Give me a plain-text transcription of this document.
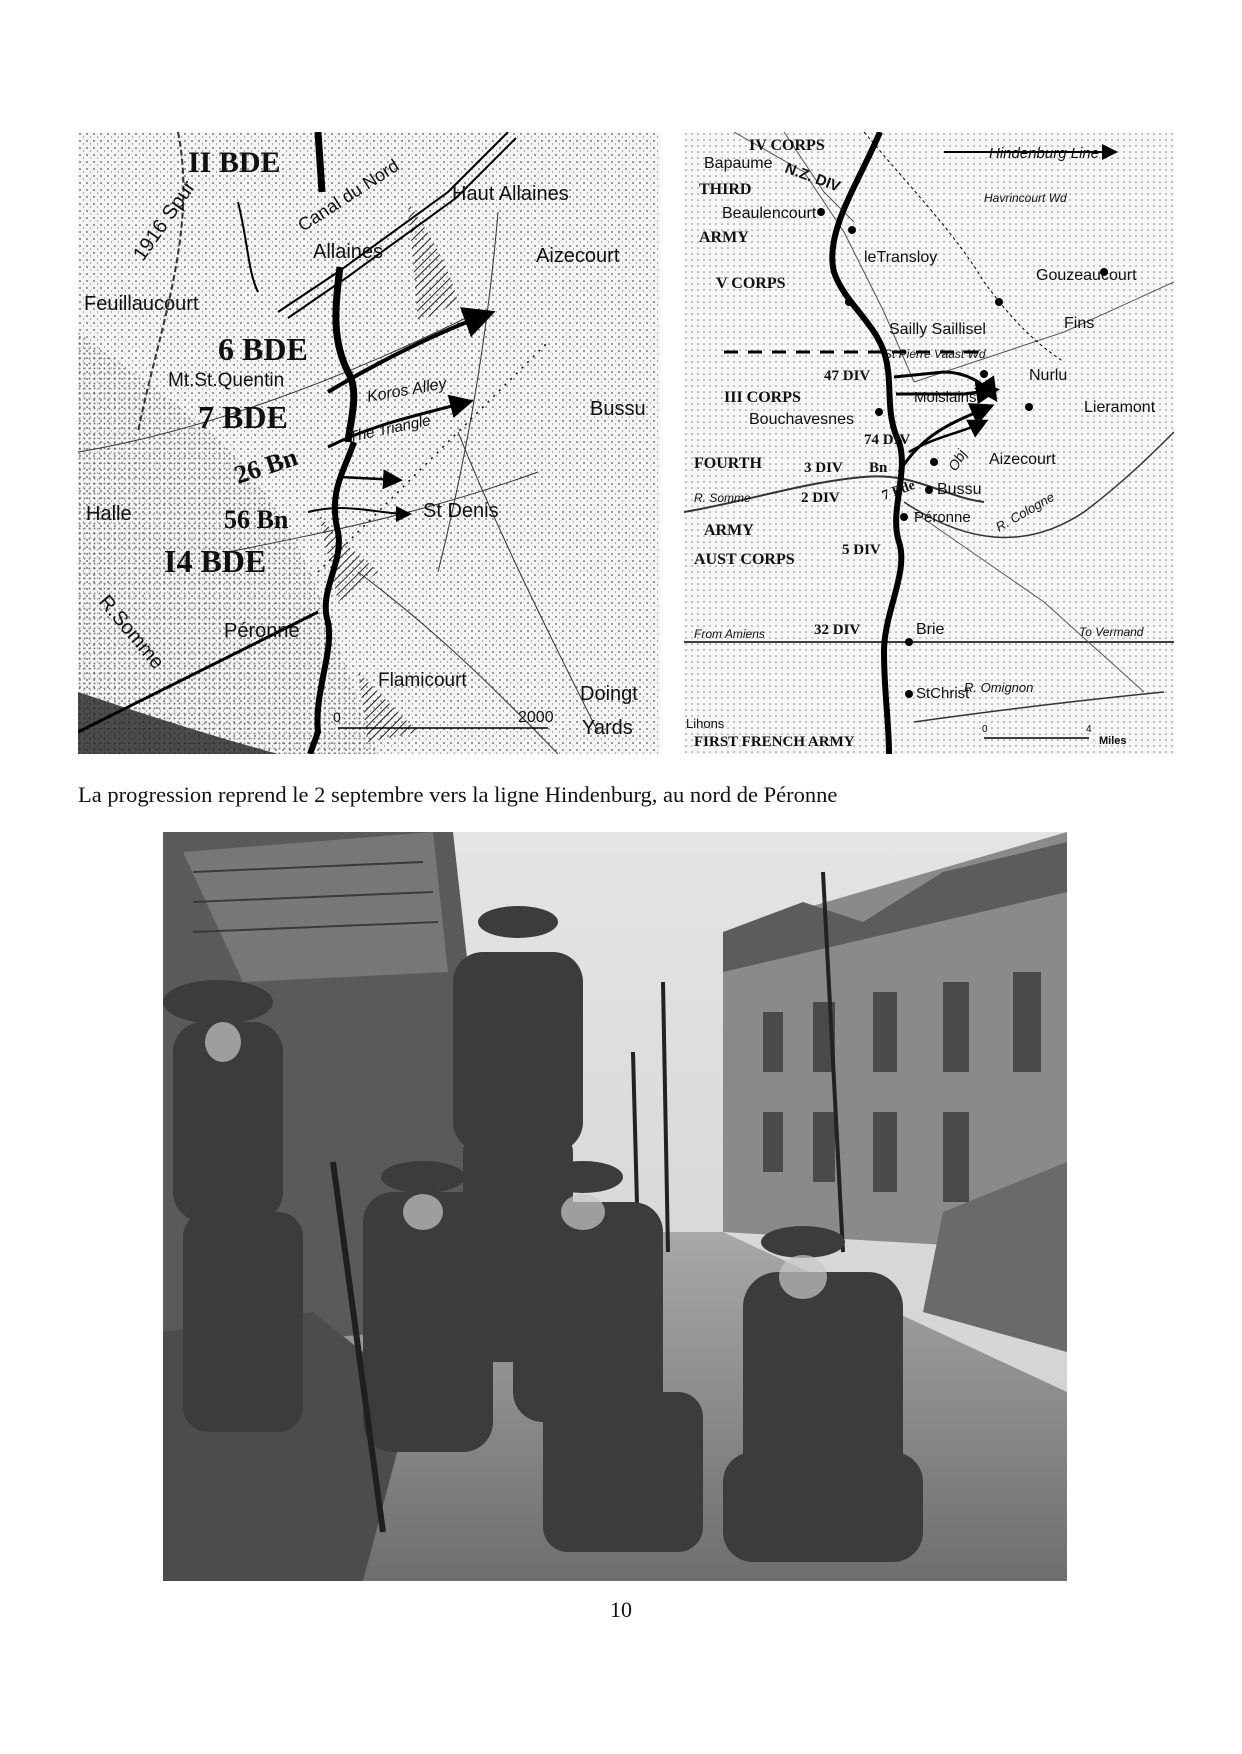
II BDE
1916 Spur	Canal du Nord Haut Allaines
Allaines	Aizecourt
Feuillaucourt
6 BDE
Mt.St.Quentin	Koros Alley
Bussu
7 BDE	The Triangle
26 Bn
St Denis
Halle	56 Bn
I4 BDE
R.Somme	Péronne
Flamicourt
Doingt
0	2000 Yards
IV CORPS
Bapaume N.Z. DIV
THIRD
Beaulencourt
ARMY
V CORPS
leTransloy
Hindenburg Line
Havrincourt Wd
Gouzeaucourt
Sailly Saillisel	Fins
St Pierre Vaast Wd
47 DIV	Nurlu
III CORPS	Moislains
Lieramont
Bouchavesnes
74 DIV
FOURTH	3 DIV Bn	Aizecourt
2 DIV	7 Bde
Obj
Bussu
R. Somme
Péronne R. Cologne
ARMY
AUST CORPS
5 DIV
From Amiens	32 DIV	Brie	To Vermand
R. Omignon
StChrist
Lihons
FIRST FRENCH ARMY
0	4
Miles
La progression reprend le 2 septembre vers la ligne Hindenburg, au nord de Péronne
10
